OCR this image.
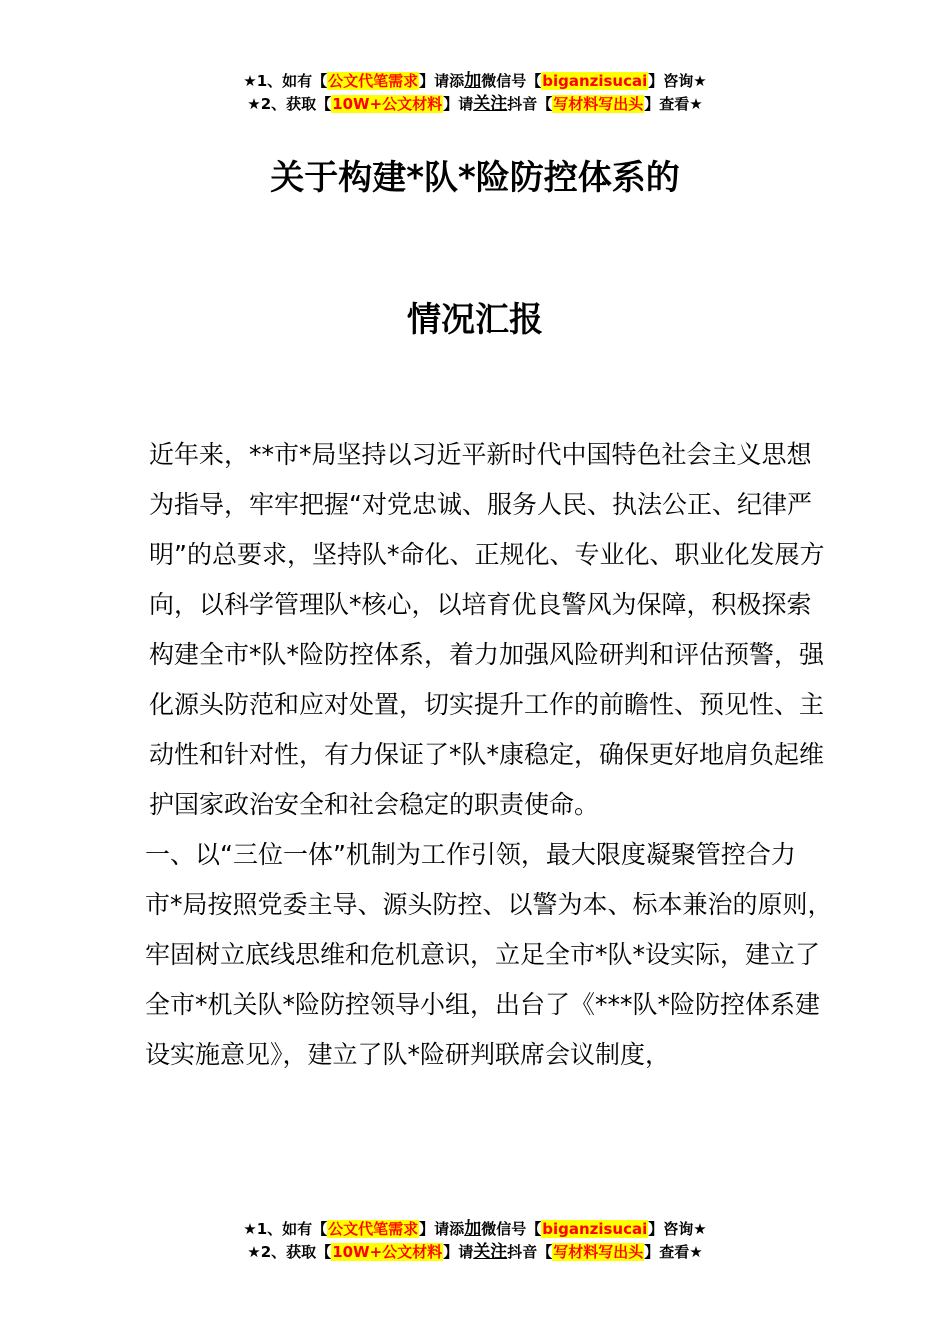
★1、如有【公文代笔需求】请添加微信号【biganzisucai】咨询★
★2、获取【10W+公文材料】请关注抖音【写材料写出头】查看★
关于构建*队*险防控体系的
情况汇报

近年来，**市*局坚持以习近平新时代中国特色社会主义思想为指导，牢牢把握“对党忠诚、服务人民、执法公正、纪律严明”的总要求，坚持队*命化、正规化、专业化、职业化发展方向，以科学管理队*核心，以培育优良警风为保障，积极探索构建全市*队*险防控体系，着力加强风险研判和评估预警，强化源头防范和应对处置，切实提升工作的前瞻性、预见性、主动性和针对性，有力保证了*队*康稳定，确保更好地肩负起维护国家政治安全和社会稳定的职责使命。

一、以“三位一体”机制为工作引领，最大限度凝聚管控合力

市*局按照党委主导、源头防控、以警为本、标本兼治的原则，牢固树立底线思维和危机意识，立足全市*队*设实际，建立了全市*机关队*险防控领导小组，出台了《***队*险防控体系建设实施意见》，建立了队*险研判联席会议制度，

★1、如有【公文代笔需求】请添加微信号【biganzisucai】咨询★
★2、获取【10W+公文材料】请关注抖音【写材料写出头】查看★
